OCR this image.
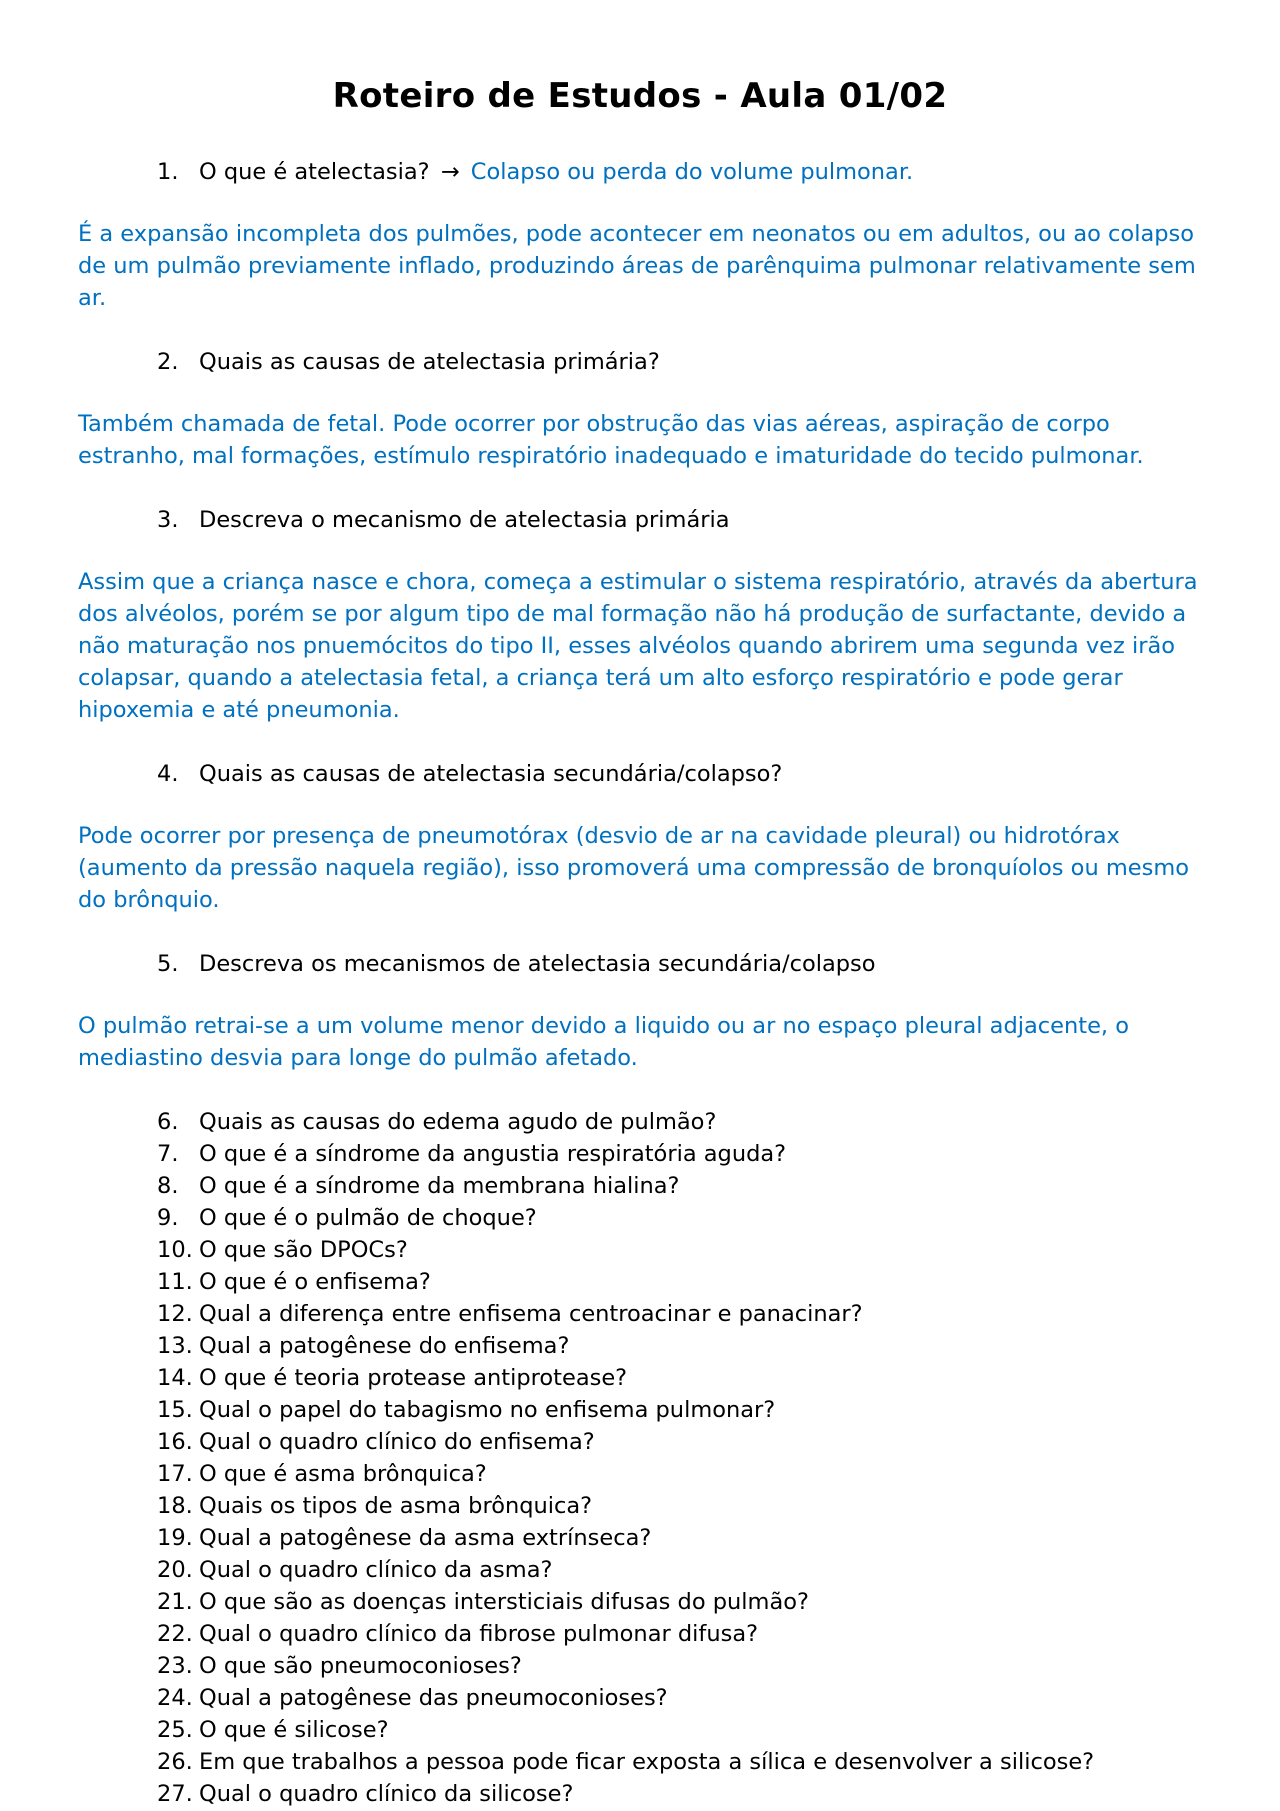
Roteiro de Estudos - Aula 01/02
1. O que é atelectasia? → Colapso ou perda do volume pulmonar.

É a expansão incompleta dos pulmões, pode acontecer em neonatos ou em adultos, ou ao colapso de um pulmão previamente inflado, produzindo áreas de parênquima pulmonar relativamente sem ar.

2. Quais as causas de atelectasia primária?

Também chamada de fetal. Pode ocorrer por obstrução das vias aéreas, aspiração de corpo estranho, mal formações, estímulo respiratório inadequado e imaturidade do tecido pulmonar.

3. Descreva o mecanismo de atelectasia primária

Assim que a criança nasce e chora, começa a estimular o sistema respiratório, através da abertura dos alvéolos, porém se por algum tipo de mal formação não há produção de surfactante, devido a não maturação nos pnuemócitos do tipo II, esses alvéolos quando abrirem uma segunda vez irão colapsar, quando a atelectasia fetal, a criança terá um alto esforço respiratório e pode gerar hipoxemia e até pneumonia.

4. Quais as causas de atelectasia secundária/colapso?

Pode ocorrer por presença de pneumotórax (desvio de ar na cavidade pleural) ou hidrotórax (aumento da pressão naquela região), isso promoverá uma compressão de bronquíolos ou mesmo do brônquio.

5. Descreva os mecanismos de atelectasia secundária/colapso

O pulmão retrai-se a um volume menor devido a liquido ou ar no espaço pleural adjacente, o mediastino desvia para longe do pulmão afetado.

6. Quais as causas do edema agudo de pulmão?
7. O que é a síndrome da angustia respiratória aguda?
8. O que é a síndrome da membrana hialina?
9. O que é o pulmão de choque?
10. O que são DPOCs?
11. O que é o enfisema?
12. Qual a diferença entre enfisema centroacinar e panacinar?
13. Qual a patogênese do enfisema?
14. O que é teoria protease antiprotease?
15. Qual o papel do tabagismo no enfisema pulmonar?
16. Qual o quadro clínico do enfisema?
17. O que é asma brônquica?
18. Quais os tipos de asma brônquica?
19. Qual a patogênese da asma extrínseca?
20. Qual o quadro clínico da asma?
21. O que são as doenças intersticiais difusas do pulmão?
22. Qual o quadro clínico da fibrose pulmonar difusa?
23. O que são pneumoconioses?
24. Qual a patogênese das pneumoconioses?
25. O que é silicose?
26. Em que trabalhos a pessoa pode ficar exposta a sílica e desenvolver a silicose?
27. Qual o quadro clínico da silicose?
